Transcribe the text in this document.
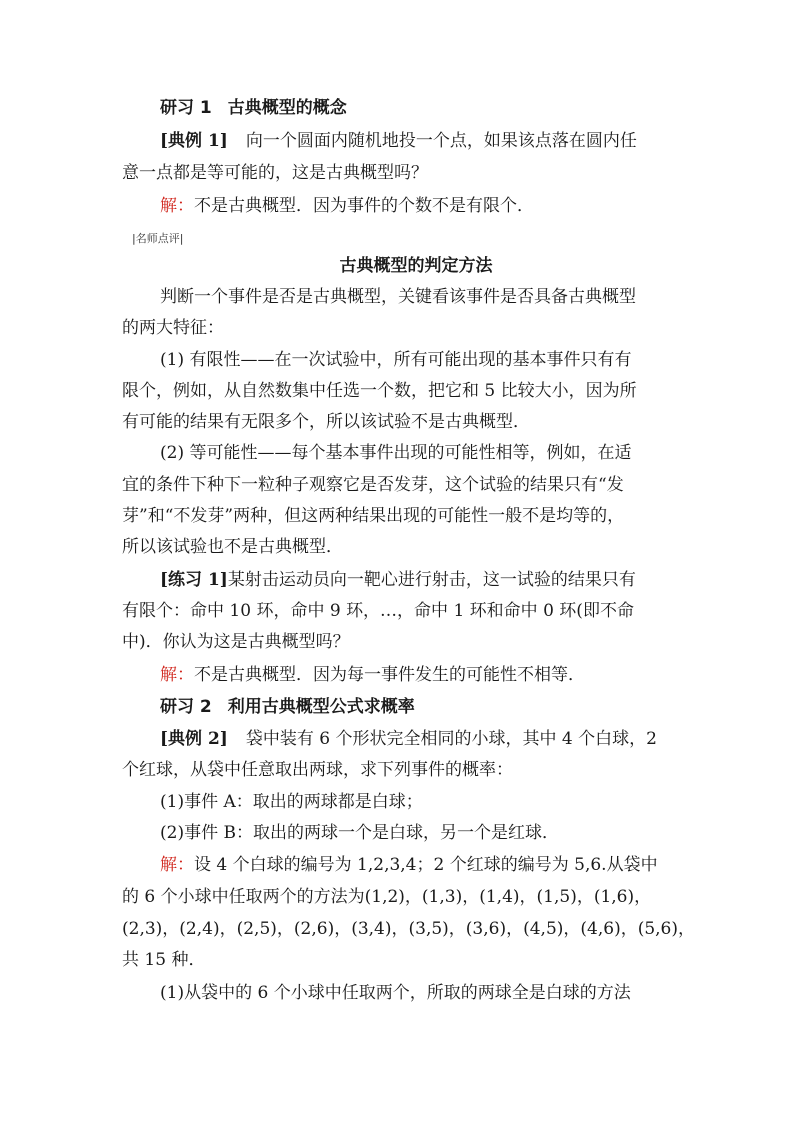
研习 1 古典概型的概念
[典例 1] 向一个圆面内随机地投一个点，如果该点落在圆内任
意一点都是等可能的，这是古典概型吗？
解：不是古典概型．因为事件的个数不是有限个．
|名师点评|
古典概型的判定方法
判断一个事件是否是古典概型，关键看该事件是否具备古典概型
的两大特征：
(1) 有限性——在一次试验中，所有可能出现的基本事件只有有
限个，例如，从自然数集中任选一个数，把它和 5 比较大小，因为所
有可能的结果有无限多个，所以该试验不是古典概型．
(2) 等可能性——每个基本事件出现的可能性相等，例如，在适
宜的条件下种下一粒种子观察它是否发芽，这个试验的结果只有“发
芽”和“不发芽”两种，但这两种结果出现的可能性一般不是均等的，
所以该试验也不是古典概型．
[练习 1]某射击运动员向一靶心进行射击，这一试验的结果只有
有限个：命中 10 环，命中 9 环，…，命中 1 环和命中 0 环(即不命
中)．你认为这是古典概型吗？
解：不是古典概型．因为每一事件发生的可能性不相等．
研习 2 利用古典概型公式求概率
[典例 2] 袋中装有 6 个形状完全相同的小球，其中 4 个白球，2
个红球，从袋中任意取出两球，求下列事件的概率：
(1)事件 A：取出的两球都是白球；
(2)事件 B：取出的两球一个是白球，另一个是红球．
解：设 4 个白球的编号为 1,2,3,4；2 个红球的编号为 5,6.从袋中
的 6 个小球中任取两个的方法为(1,2)，(1,3)，(1,4)，(1,5)，(1,6)，
(2,3)，(2,4)，(2,5)，(2,6)，(3,4)，(3,5)，(3,6)，(4,5)，(4,6)，(5,6)，
共 15 种．
(1)从袋中的 6 个小球中任取两个，所取的两球全是白球的方法
